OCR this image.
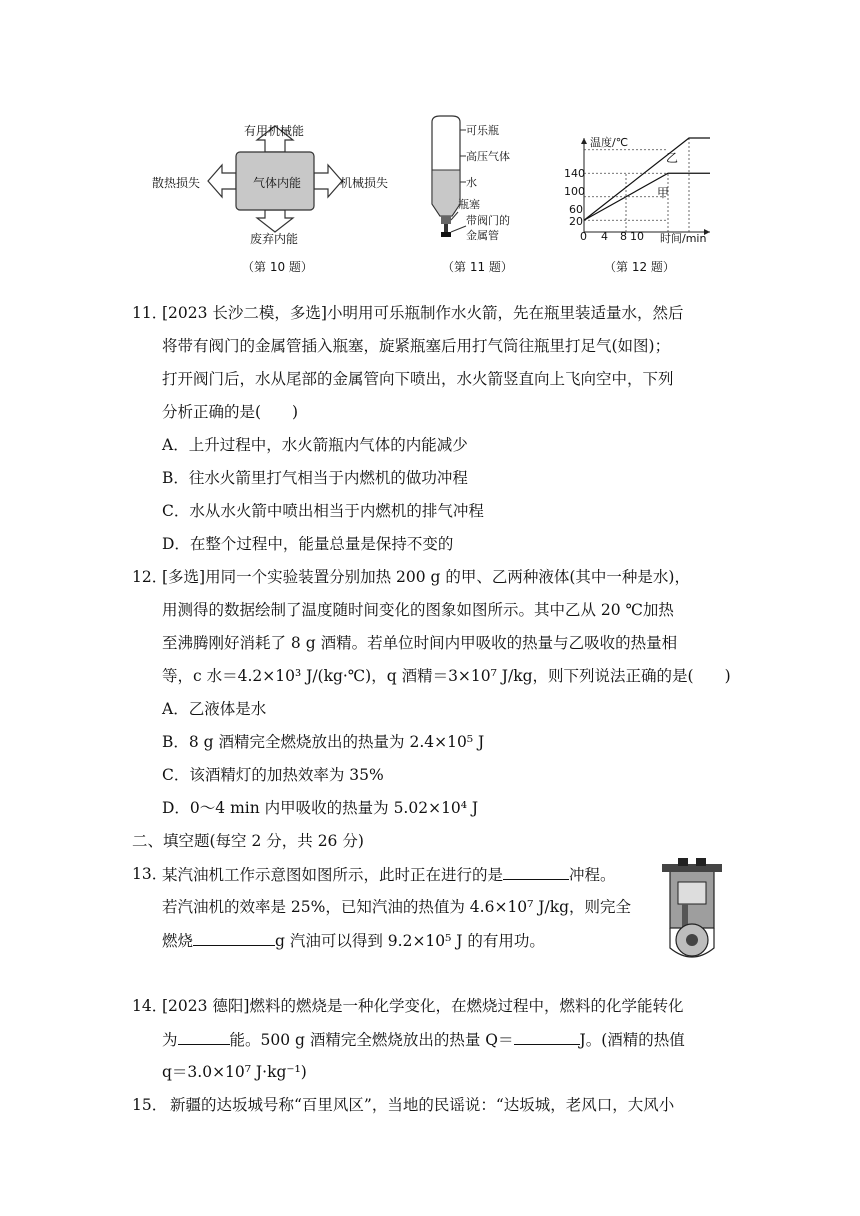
气体内能
有用机械能
散热损失	机械损失
废弃内能
（第 10 题）
可乐瓶
高压气体
水
瓶塞
带阀门的
金属管
（第 11 题）
温度/℃
时间/min
140
100
60
20
0 4 8 10
乙
甲
（第 12 题）
11．
[2023 长沙二模，多选]小明用可乐瓶制作水火箭，先在瓶里装适量水，然后
将带有阀门的金属管插入瓶塞，旋紧瓶塞后用打气筒往瓶里打足气(如图)；
打开阀门后，水从尾部的金属管向下喷出，水火箭竖直向上飞向空中，下列
分析正确的是(　　)
A．上升过程中，水火箭瓶内气体的内能减少
B．往水火箭里打气相当于内燃机的做功冲程
C．水从水火箭中喷出相当于内燃机的排气冲程
D．在整个过程中，能量总量是保持不变的
12．
[多选]用同一个实验装置分别加热 200 g 的甲、乙两种液体(其中一种是水)，
用测得的数据绘制了温度随时间变化的图象如图所示。其中乙从 20 ℃加热
至沸腾刚好消耗了 8 g 酒精。若单位时间内甲吸收的热量与乙吸收的热量相
等，c 水＝4.2×10³ J/(kg·℃)，q 酒精＝3×10⁷ J/kg，则下列说法正确的是(　　)
A．乙液体是水
B．8 g 酒精完全燃烧放出的热量为 2.4×10⁵ J
C．该酒精灯的加热效率为 35%
D．0～4 min 内甲吸收的热量为 5.02×10⁴ J
二、填空题(每空 2 分，共 26 分)
13．
某汽油机工作示意图如图所示，此时正在进行的是	冲程。
若汽油机的效率是 25%，已知汽油的热值为 4.6×10⁷ J/kg，则完全
燃烧	g 汽油可以得到 9.2×10⁵ J 的有用功。
14．
[2023 德阳]燃料的燃烧是一种化学变化，在燃烧过程中，燃料的化学能转化
为	能。500 g 酒精完全燃烧放出的热量 Q＝	J。(酒精的热值
q＝3.0×10⁷ J·kg⁻¹)
15． 新疆的达坂城号称“百里风区”，当地的民谣说：“达坂城，老风口，大风小
